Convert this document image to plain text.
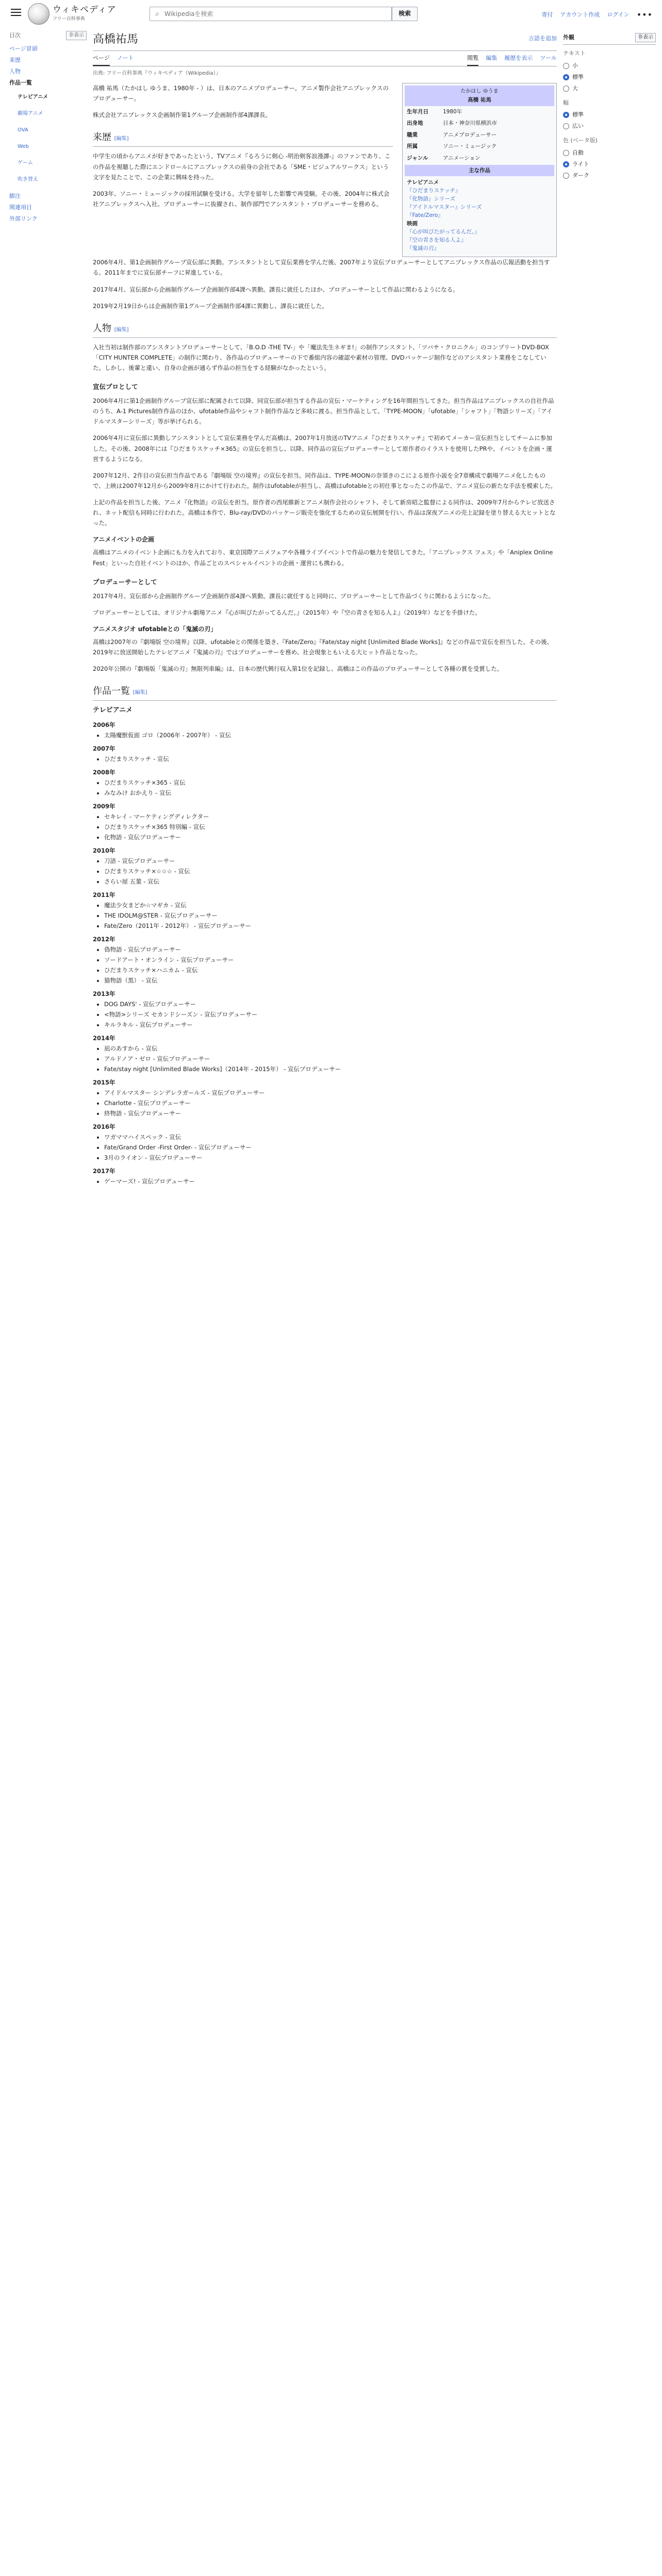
ウィキペディア
フリー百科事典
⌕
Wikipediaを検索	検索	寄付 アカウント作成 ログイン •••
目次	非表示
ページ冒頭
来歴
人物
作品一覧
テレビアニメ
劇場アニメ
OVA
Web
ゲーム
吹き替え
脚注
関連項目
外部リンク
高橋祐馬	言語を追加
ページ ノート	閲覧 編集 履歴を表示 ツール
出典: フリー百科事典『ウィキペディア（Wikipedia）』

高橋 祐馬（たかはし ゆうま、1980年 - ）は、日本のアニメプロデューサー。アニメ製作会社アニプレックスのプロデューサー。

株式会社アニプレックス企画制作第1グループ企画制作部4課課長。

来歴 [編集]

中学生の頃からアニメが好きであったという。TVアニメ『るろうに剣心 -明治剣客浪漫譚-』のファンであり、この作品を視聴した際にエンドロールにアニプレックスの前身の会社である「SME・ビジュアルワークス」という文字を見たことで、この企業に興味を持った。

2003年、ソニー・ミュージックの採用試験を受ける。大学を留年した影響で再受験。その後、2004年に株式会社アニプレックスへ入社。プロデューサーに抜擢され、制作部門でアシスタント・プロデューサーを務める。

たかはし ゆうま
高橋 祐馬
生年月日	1980年
出身地	日本・神奈川県横浜市
職業	アニメプロデューサー
所属	ソニー・ミュージック
ジャンル	アニメーション
主な作品
テレビアニメ
『ひだまりスケッチ』
『化物語』シリーズ
『アイドルマスター』シリーズ
『Fate/Zero』
映画
『心が叫びたがってるんだ。』
『空の青さを知る人よ』
『鬼滅の刃』

2006年4月、第1企画制作グループ宣伝部に異動。アシスタントとして宣伝業務を学んだ後、2007年より宣伝プロデューサーとしてアニプレックス作品の広報活動を担当する。2011年までに宣伝部チーフに昇進している。

2017年4月、宣伝部から企画制作グループ企画制作部4課へ異動。課長に就任したほか、プロデューサーとして作品に関わるようになる。

2019年2月19日からは企画制作第1グループ企画制作部4課に異動し、課長に就任した。

人物 [編集]

入社当初は制作部のアシスタントプロデューサーとして、「B.O.D -THE TV-」や「魔法先生ネギま!」の制作アシスタント、「ツバサ・クロニクル」のコンプリートDVD-BOX「CITY HUNTER COMPLETE」の制作に関わり、各作品のプロデューサーの下で番組内容の確認や素材の管理、DVDパッケージ制作などのアシスタント業務をこなしていた。しかし、後輩と違い、自身の企画が通らず作品の担当をする経験がなかったという。

宣伝プロとして

2006年4月に第1企画制作グループ宣伝部に配属されて以降、同宣伝部が担当する作品の宣伝・マーケティングを16年間担当してきた。担当作品はアニプレックスの自社作品のうち、A-1 Pictures制作作品のほか、ufotable作品やシャフト制作作品など多岐に渡る。担当作品として、「TYPE-MOON」「ufotable」「シャフト」「物語シリーズ」「アイドルマスターシリーズ」等が挙げられる。

2006年4月に宣伝部に異動しアシスタントとして宣伝業務を学んだ高橋は、2007年1月放送のTVアニメ『ひだまりスケッチ』で初めてメーカー宣伝担当としてチームに参加した。その後、2008年には『ひだまりスケッチ×365』の宣伝を担当し、以降、同作品の宣伝プロデューサーとして原作者のイラストを使用したPRや、イベントを企画・運営するようになる。

2007年12月、2作目の宣伝担当作品である『劇場版 空の境界』の宣伝を担当。同作品は、TYPE-MOONの奈須きのこによる原作小説を全7章構成で劇場アニメ化したもので、上映は2007年12月から2009年8月にかけて行われた。制作はufotableが担当し、高橋はufotableとの初仕事となったこの作品で、アニメ宣伝の新たな手法を模索した。

上記の作品を担当した後、アニメ『化物語』の宣伝を担当。原作者の西尾維新とアニメ制作会社のシャフト、そして新房昭之監督による同作は、2009年7月からテレビ放送され、ネット配信も同時に行われた。高橋は本作で、Blu-ray/DVDのパッケージ販売を強化するための宣伝展開を行い、作品は深夜アニメの売上記録を塗り替える大ヒットとなった。

アニメイベントの企画

高橋はアニメのイベント企画にも力を入れており、東京国際アニメフェアや各種ライブイベントで作品の魅力を発信してきた。「アニプレックス フェス」や「Aniplex Online Fest」といった自社イベントのほか、作品ごとのスペシャルイベントの企画・運営にも携わる。

プロデューサーとして

2017年4月、宣伝部から企画制作グループ企画制作部4課へ異動。課長に就任すると同時に、プロデューサーとして作品づくりに関わるようになった。

プロデューサーとしては、オリジナル劇場アニメ『心が叫びたがってるんだ。』（2015年）や『空の青さを知る人よ』（2019年）などを手掛けた。

アニメスタジオ ufotableとの「鬼滅の刃」

高橋は2007年の『劇場版 空の境界』以降、ufotableとの関係を築き、『Fate/Zero』『Fate/stay night [Unlimited Blade Works]』などの作品で宣伝を担当した。その後、2019年に放送開始したテレビアニメ『鬼滅の刃』ではプロデューサーを務め、社会現象ともいえる大ヒット作品となった。

2020年公開の『劇場版「鬼滅の刃」無限列車編』は、日本の歴代興行収入第1位を記録し、高橋はこの作品のプロデューサーとして各種の賞を受賞した。

作品一覧 [編集]
テレビアニメ
2006年
• 太陽魔獣仮面 ゴロ（2006年 - 2007年） - 宣伝
2007年
• ひだまりスケッチ - 宣伝
2008年
• ひだまりスケッチ×365 - 宣伝
• みなみけ おかえり - 宣伝
2009年
• セキレイ - マーケティングディレクター
• ひだまりスケッチ×365 特別編 - 宣伝
• 化物語 - 宣伝プロデューサー
2010年
• 刀語 - 宣伝プロデューサー
• ひだまりスケッチ×☆☆☆ - 宣伝
• さらい屋 五葉 - 宣伝
2011年
• 魔法少女まどか☆マギカ - 宣伝
• THE IDOLM@STER - 宣伝プロデューサー
• Fate/Zero（2011年 - 2012年） - 宣伝プロデューサー
2012年
• 偽物語 - 宣伝プロデューサー
• ソードアート・オンライン - 宣伝プロデューサー
• ひだまりスケッチ×ハニカム - 宣伝
• 猫物語（黒） - 宣伝
2013年
• DOG DAYS' - 宣伝プロデューサー
• <物語>シリーズ セカンドシーズン - 宣伝プロデューサー
• キルラキル - 宣伝プロデューサー
2014年
• 凪のあすから - 宣伝
• アルドノア・ゼロ - 宣伝プロデューサー
• Fate/stay night [Unlimited Blade Works]（2014年 - 2015年） - 宣伝プロデューサー
2015年
• アイドルマスター シンデレラガールズ - 宣伝プロデューサー
• Charlotte - 宣伝プロデューサー
• 終物語 - 宣伝プロデューサー
2016年
• ワガママハイスペック - 宣伝
• Fate/Grand Order -First Order- - 宣伝プロデューサー
• 3月のライオン - 宣伝プロデューサー
2017年
• ゲーマーズ! - 宣伝プロデューサー
外観	非表示
テキスト
小
標準
大
幅
標準
広い
色 (ベータ版)
自動
ライト
ダーク
